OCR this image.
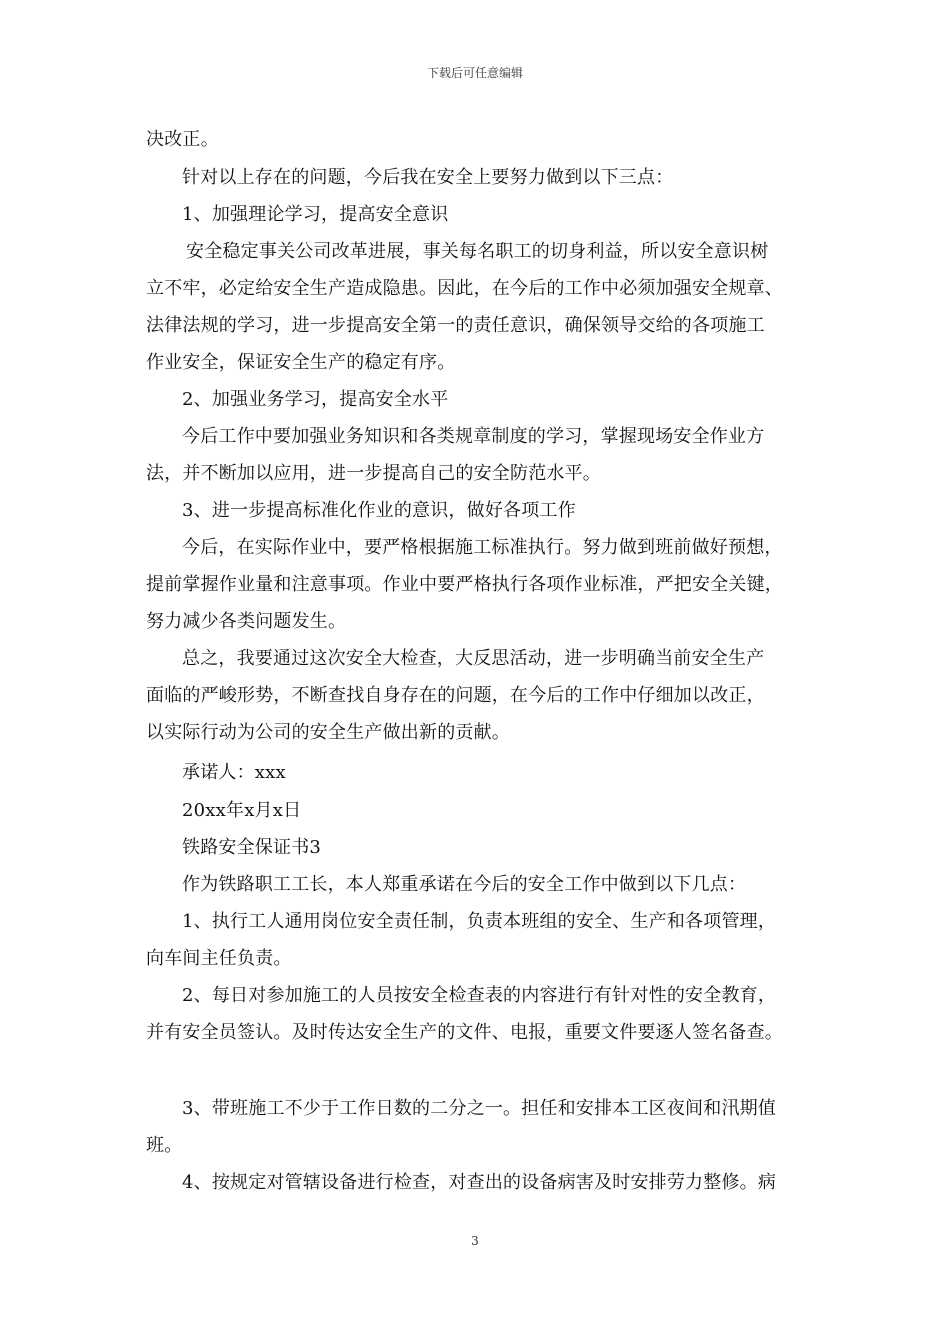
下载后可任意编辑
决改正。
针对以上存在的问题，今后我在安全上要努力做到以下三点：
1、加强理论学习，提高安全意识
安全稳定事关公司改革进展，事关每名职工的切身利益，所以安全意识树
立不牢，必定给安全生产造成隐患。因此，在今后的工作中必须加强安全规章、
法律法规的学习，进一步提高安全第一的责任意识，确保领导交给的各项施工
作业安全，保证安全生产的稳定有序。
2、加强业务学习，提高安全水平
今后工作中要加强业务知识和各类规章制度的学习，掌握现场安全作业方
法，并不断加以应用，进一步提高自己的安全防范水平。
3、进一步提高标准化作业的意识，做好各项工作
今后，在实际作业中，要严格根据施工标准执行。努力做到班前做好预想，
提前掌握作业量和注意事项。作业中要严格执行各项作业标准，严把安全关键，
努力减少各类问题发生。
总之，我要通过这次安全大检查，大反思活动，进一步明确当前安全生产
面临的严峻形势，不断查找自身存在的问题，在今后的工作中仔细加以改正，
以实际行动为公司的安全生产做出新的贡献。
承诺人：xxx
20xx年x月x日
铁路安全保证书3
作为铁路职工工长，本人郑重承诺在今后的安全工作中做到以下几点：
1、执行工人通用岗位安全责任制，负责本班组的安全、生产和各项管理，
向车间主任负责。
2、每日对参加施工的人员按安全检查表的内容进行有针对性的安全教育，
并有安全员签认。及时传达安全生产的文件、电报，重要文件要逐人签名备查。
3、带班施工不少于工作日数的二分之一。担任和安排本工区夜间和汛期值
班。
4、按规定对管辖设备进行检查，对查出的设备病害及时安排劳力整修。病
3
